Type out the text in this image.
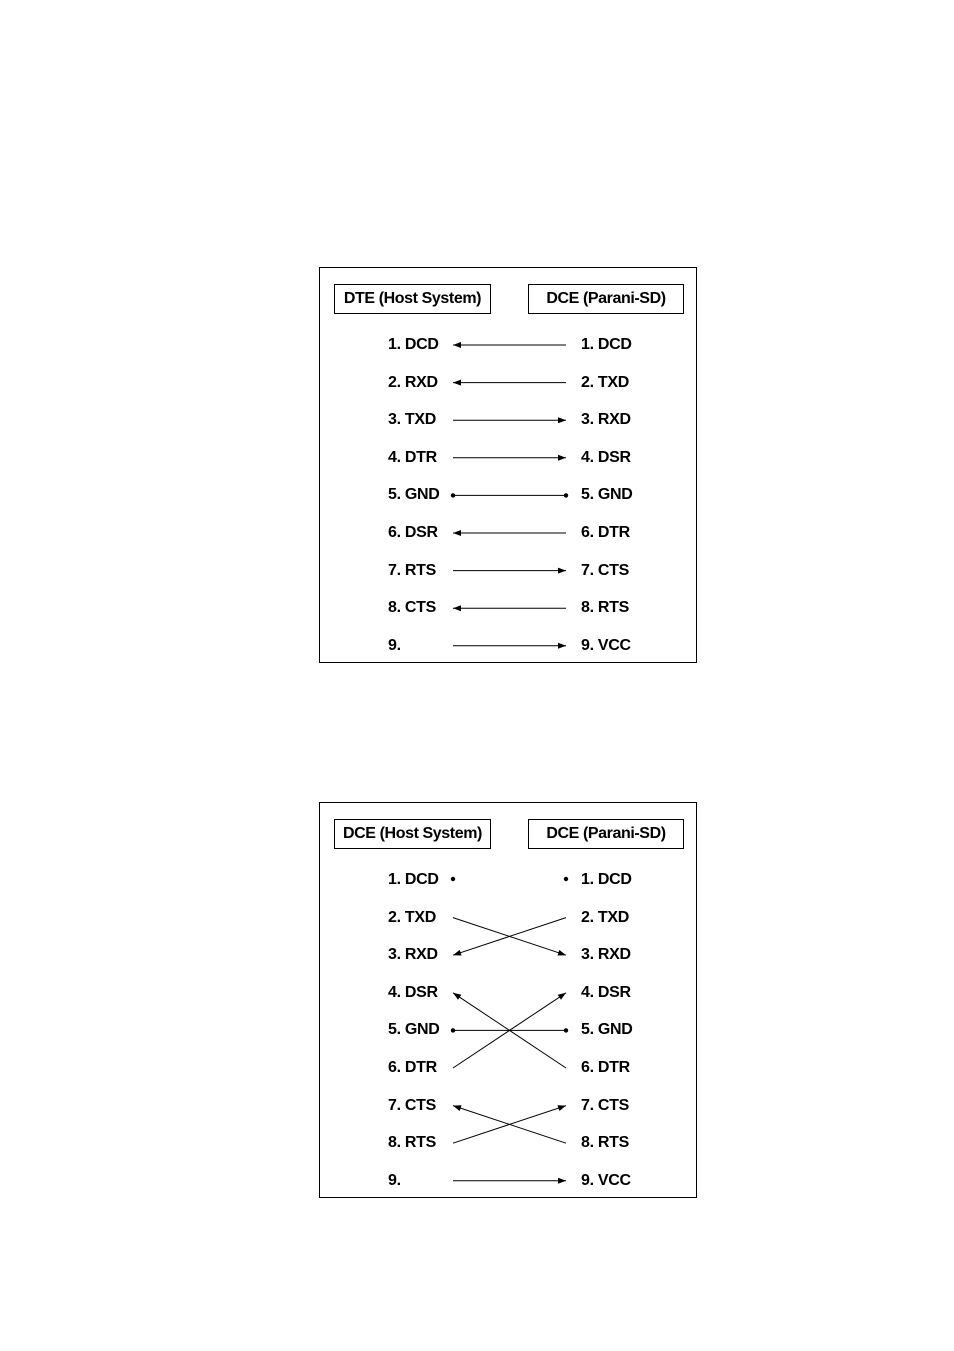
DTE (Host System)	DCE (Parani-SD)
1. DCD
2. RXD
3. TXD
4. DTR
5. GND
6. DSR
7. RTS
8. CTS
9.
1. DCD
2. TXD
3. RXD
4. DSR
5. GND
6. DTR
7. CTS
8. RTS
9. VCC
DCE (Host System)	DCE (Parani-SD)
1. DCD
2. TXD
3. RXD
4. DSR
5. GND
6. DTR
7. CTS
8. RTS
9.
1. DCD
2. TXD
3. RXD
4. DSR
5. GND
6. DTR
7. CTS
8. RTS
9. VCC
